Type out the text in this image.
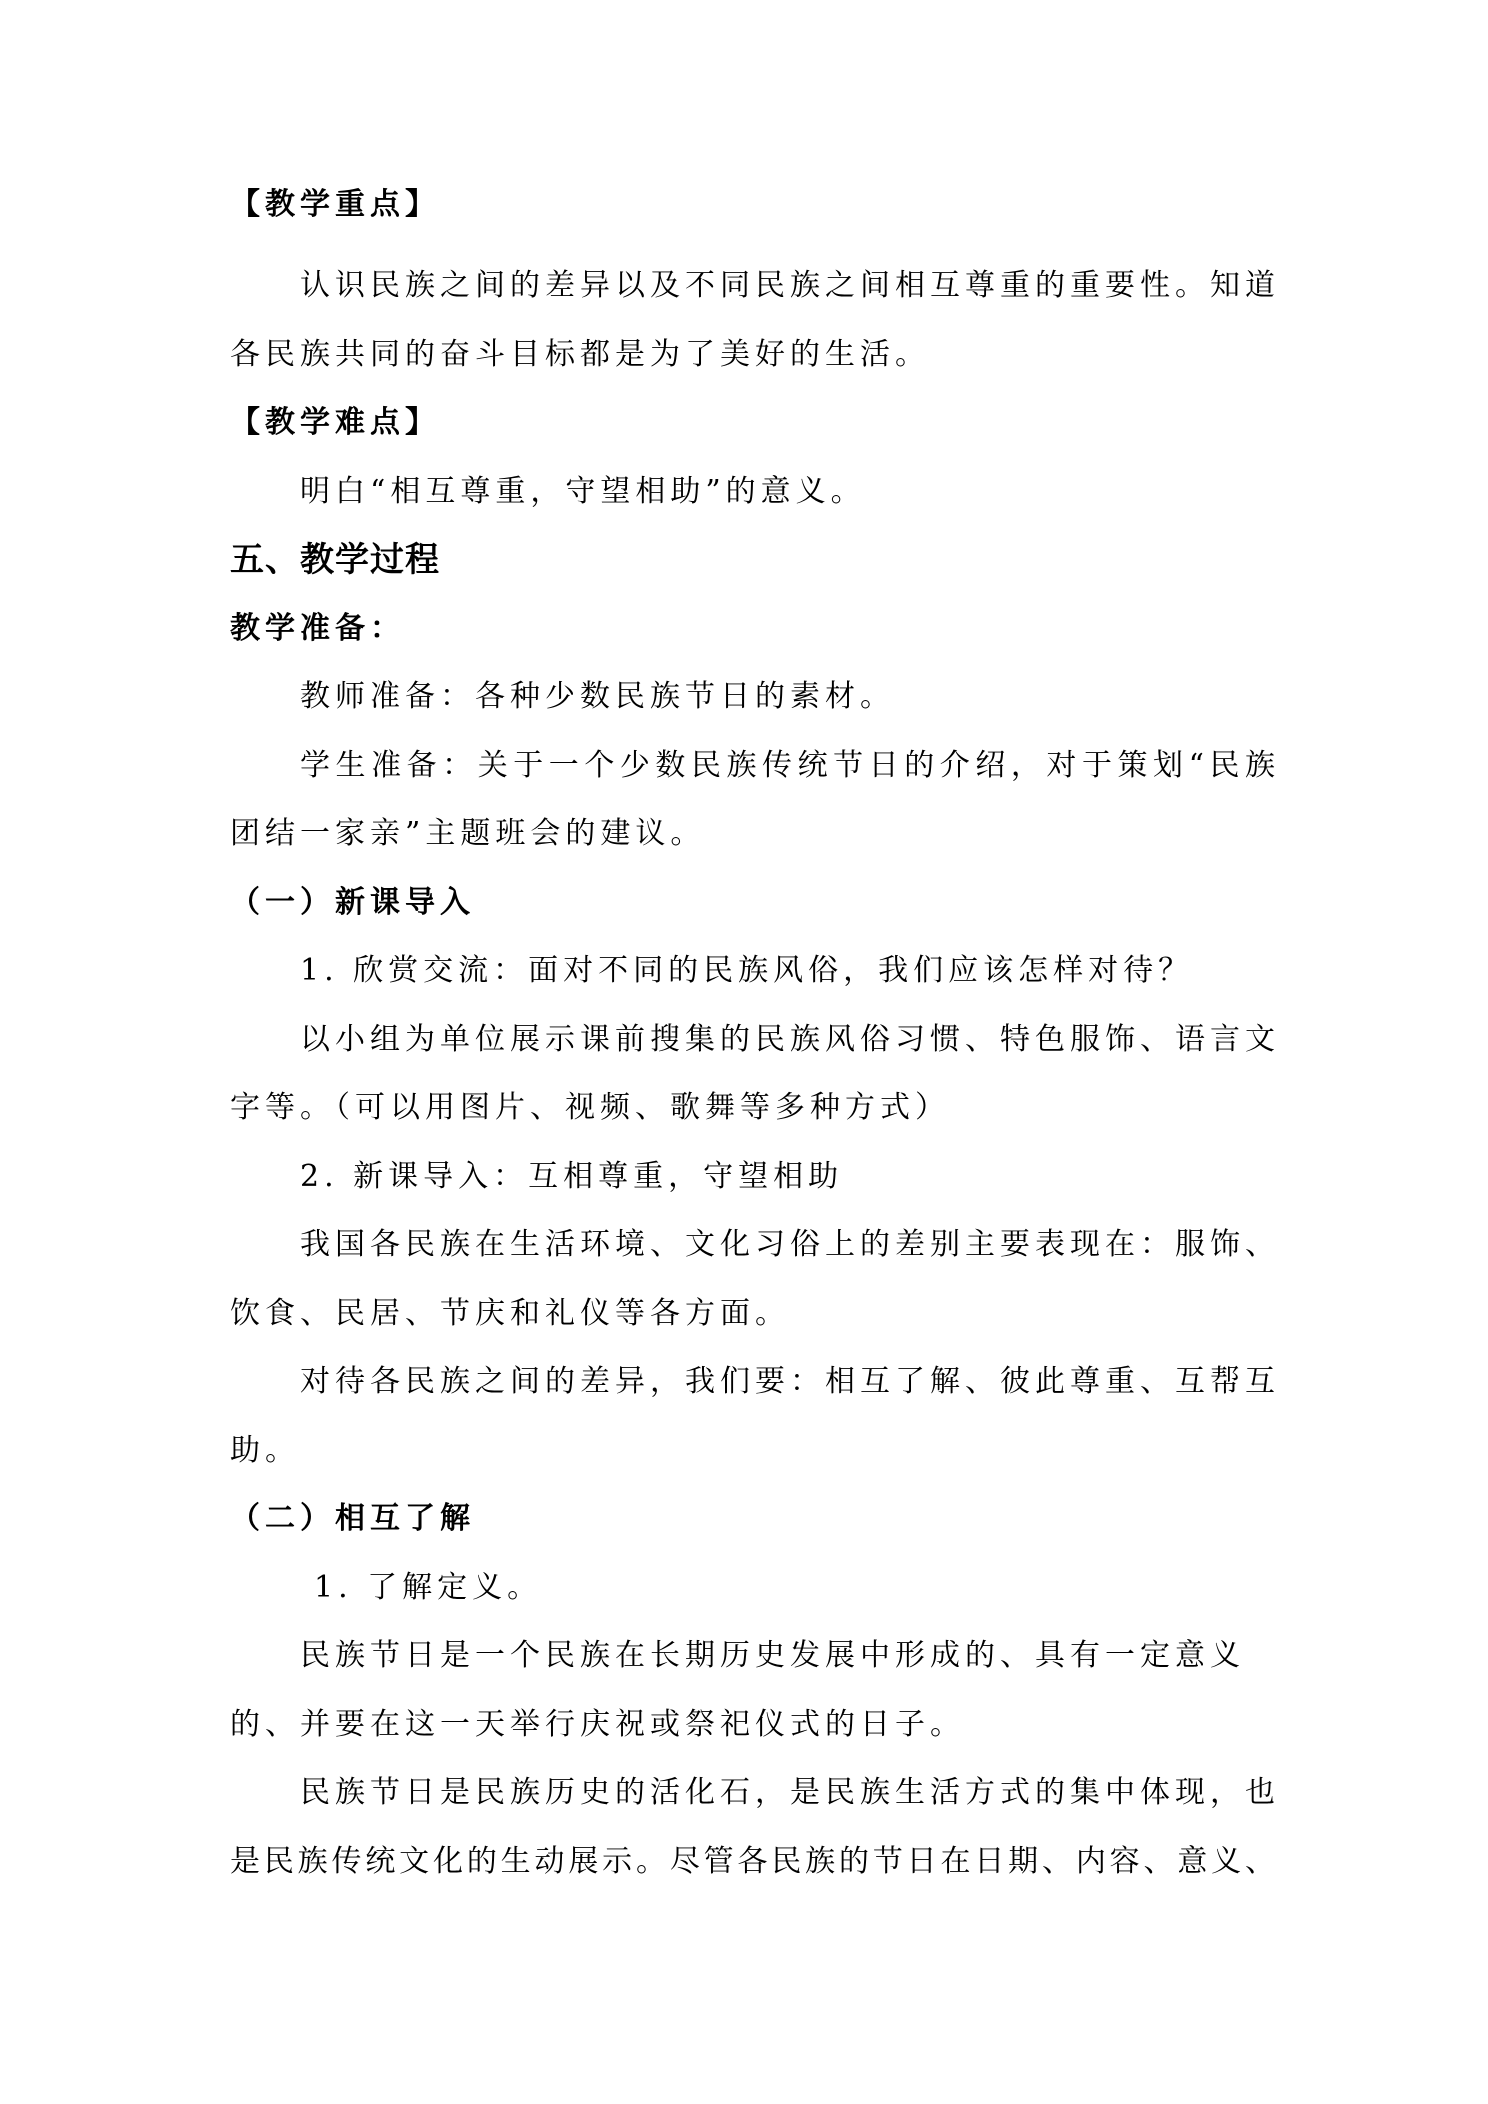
【教学重点】
认识民族之间的差异以及不同民族之间相互尊重的重要性。知道
各民族共同的奋斗目标都是为了美好的生活。
【教学难点】
明白“相互尊重，守望相助”的意义。
五、教学过程
教学准备：
教师准备：各种少数民族节日的素材。
学生准备：关于一个少数民族传统节日的介绍，对于策划“民族
团结一家亲”主题班会的建议。
（一）新课导入
1. 欣赏交流：面对不同的民族风俗，我们应该怎样对待？
以小组为单位展示课前搜集的民族风俗习惯、特色服饰、语言文
字等。（可以用图片、视频、歌舞等多种方式）
2. 新课导入：互相尊重，守望相助
我国各民族在生活环境、文化习俗上的差别主要表现在：服饰、
饮食、民居、节庆和礼仪等各方面。
对待各民族之间的差异，我们要：相互了解、彼此尊重、互帮互
助。
（二）相互了解
1. 了解定义。
民族节日是一个民族在长期历史发展中形成的、具有一定意义
的、并要在这一天举行庆祝或祭祀仪式的日子。
民族节日是民族历史的活化石，是民族生活方式的集中体现，也
是民族传统文化的生动展示。尽管各民族的节日在日期、内容、意义、
